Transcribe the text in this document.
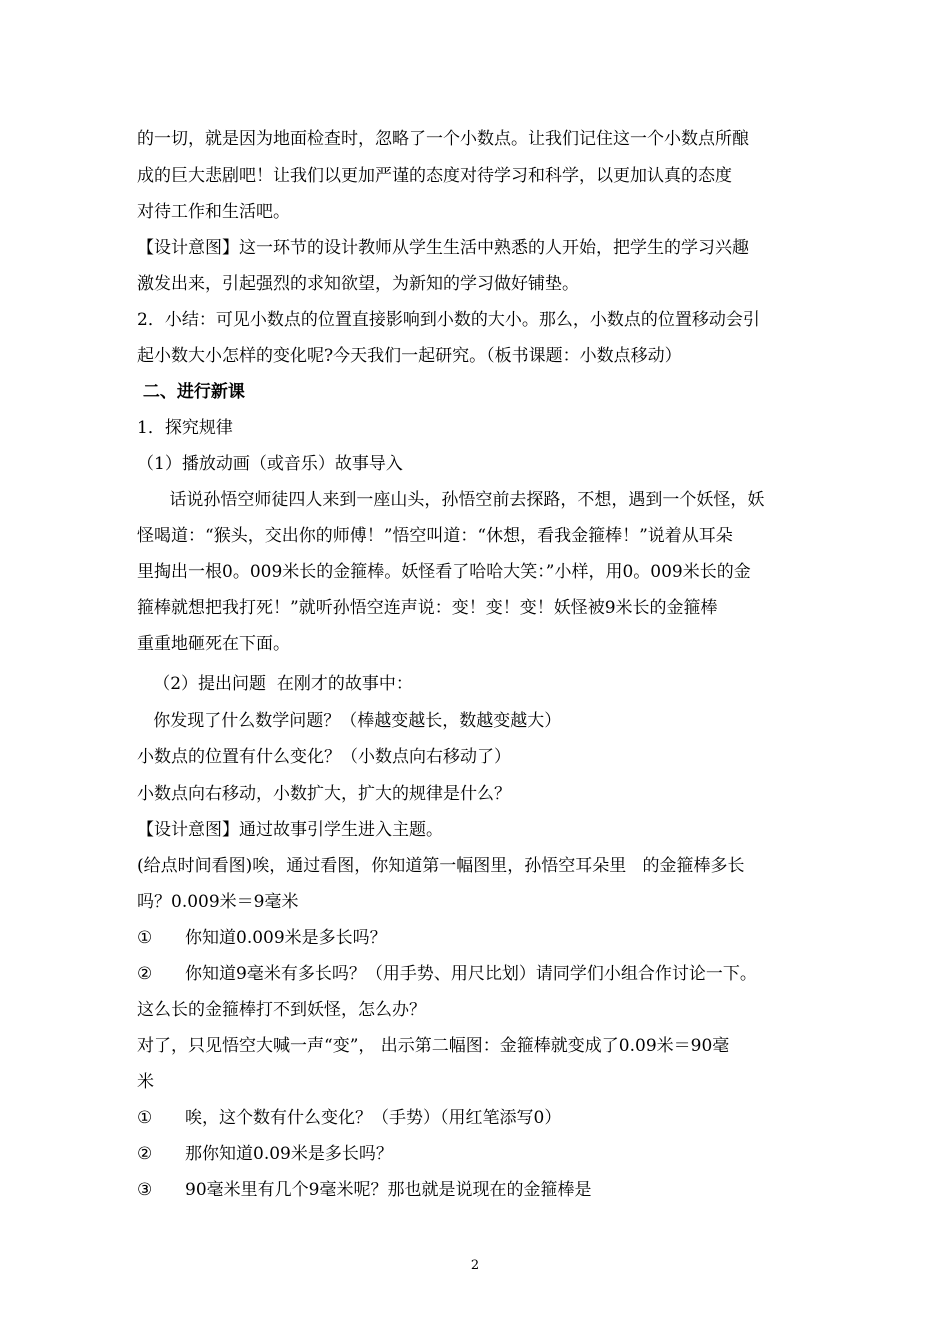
的一切，就是因为地面检查时，忽略了一个小数点。让我们记住这一个小数点所酿
成的巨大悲剧吧！让我们以更加严谨的态度对待学习和科学，以更加认真的态度
对待工作和生活吧。
【设计意图】这一环节的设计教师从学生生活中熟悉的人开始，把学生的学习兴趣
激发出来，引起强烈的求知欲望，为新知的学习做好铺垫。
2．小结：可见小数点的位置直接影响到小数的大小。那么，小数点的位置移动会引
起小数大小怎样的变化呢?今天我们一起研究。（板书课题：小数点移动）
二、进行新课
1．探究规律
（1）播放动画（或音乐）故事导入
话说孙悟空师徒四人来到一座山头，孙悟空前去探路，不想，遇到一个妖怪，妖
怪喝道：“猴头，交出你的师傅！”悟空叫道：“休想，看我金箍棒！”说着从耳朵
里掏出一根0。009米长的金箍棒。妖怪看了哈哈大笑：”小样，用0。009米长的金
箍棒就想把我打死！”就听孙悟空连声说：变！变！变！妖怪被9米长的金箍棒
重重地砸死在下面。
（2）提出问题  在刚才的故事中：
你发现了什么数学问题？（棒越变越长，数越变越大）
小数点的位置有什么变化？（小数点向右移动了）
小数点向右移动，小数扩大，扩大的规律是什么？
【设计意图】通过故事引学生进入主题。
(给点时间看图)唉，通过看图，你知道第一幅图里，孙悟空耳朵里   的金箍棒多长
吗？0.009米＝9毫米
① 你知道0.009米是多长吗？
② 你知道9毫米有多长吗？（用手势、用尺比划）请同学们小组合作讨论一下。
这么长的金箍棒打不到妖怪，怎么办？
对了，只见悟空大喊一声“变”， 出示第二幅图：金箍棒就变成了0.09米＝90毫
米
① 唉，这个数有什么变化？（手势）（用红笔添写0）
② 那你知道0.09米是多长吗？
③ 90毫米里有几个9毫米呢？那也就是说现在的金箍棒是
2
